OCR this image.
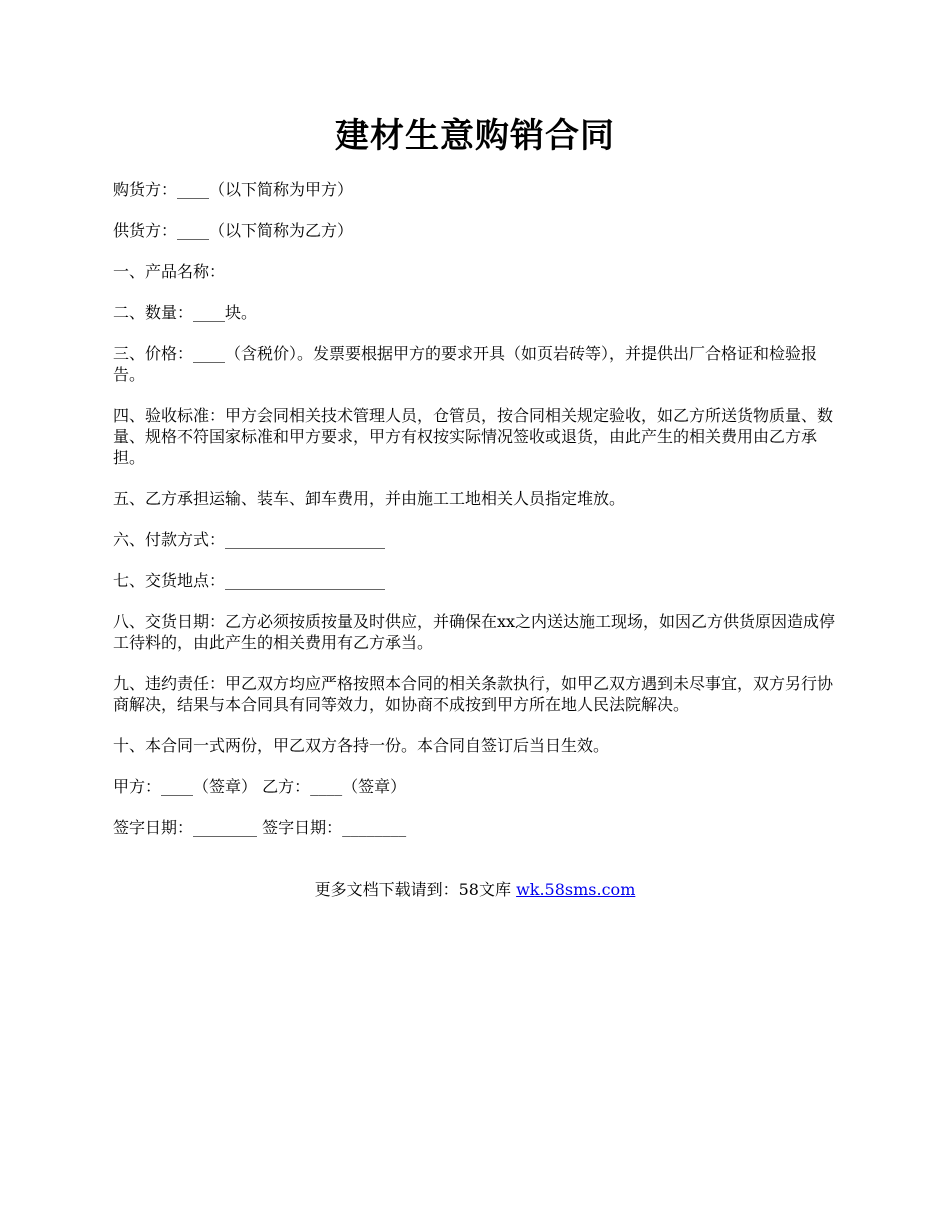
建材生意购销合同

购货方：____（以下简称为甲方）

供货方：____（以下简称为乙方）

一、产品名称：

二、数量：____块。

三、价格：____（含税价）。发票要根据甲方的要求开具（如页岩砖等），并提供出厂合格证和检验报告。

四、验收标准：甲方会同相关技术管理人员，仓管员，按合同相关规定验收，如乙方所送货物质量、数量、规格不符国家标准和甲方要求，甲方有权按实际情况签收或退货，由此产生的相关费用由乙方承担。

五、乙方承担运输、装车、卸车费用，并由施工工地相关人员指定堆放。

六、付款方式：____________________

七、交货地点：____________________

八、交货日期：乙方必须按质按量及时供应，并确保在xx之内送达施工现场，如因乙方供货原因造成停工待料的，由此产生的相关费用有乙方承当。

九、违约责任：甲乙双方均应严格按照本合同的相关条款执行，如甲乙双方遇到未尽事宜，双方另行协商解决，结果与本合同具有同等效力，如协商不成按到甲方所在地人民法院解决。

十、本合同一式两份，甲乙双方各持一份。本合同自签订后当日生效。

甲方：____（签章） 乙方：____（签章）

签字日期：________ 签字日期：________

更多文档下载请到：58文库 wk.58sms.com
